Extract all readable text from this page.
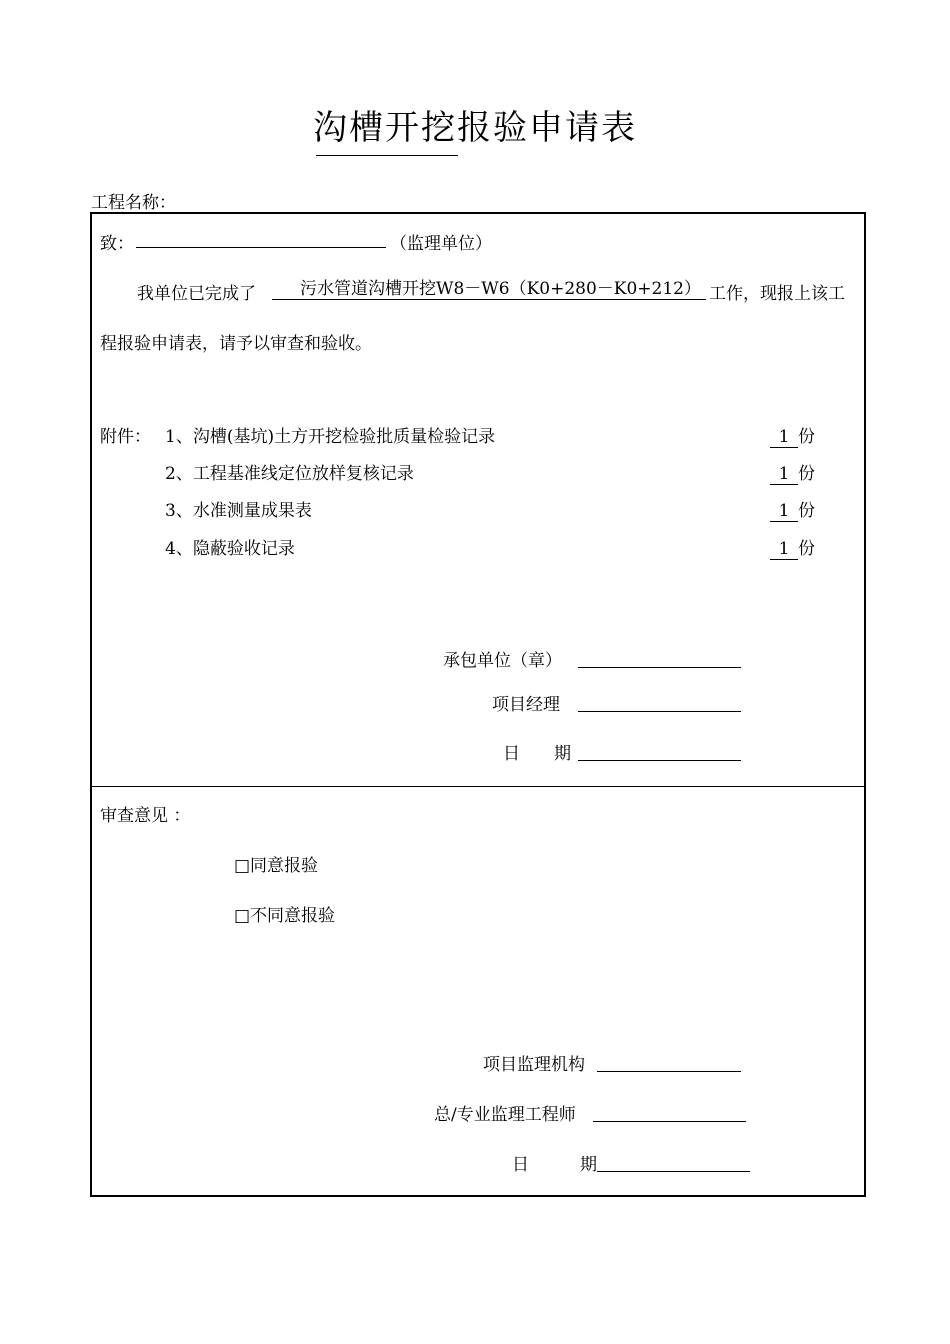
沟槽开挖报验申请表
工程名称：
致：	（监理单位）
我单位已完成了	污水管道沟槽开挖W8－W6（K0+280－K0+212） 工作，现报上该工
程报验申请表，请予以审查和验收。
附件： 1、沟槽(基坑)土方开挖检验批质量检验记录	1 份
2、工程基准线定位放样复核记录	1 份
3、水准测量成果表	1 份
4、隐蔽验收记录	1 份
承包单位（章）
项目经理
日　　期
审查意见 ：
□同意报验
□不同意报验
项目监理机构
总/专业监理工程师
日　　　期
